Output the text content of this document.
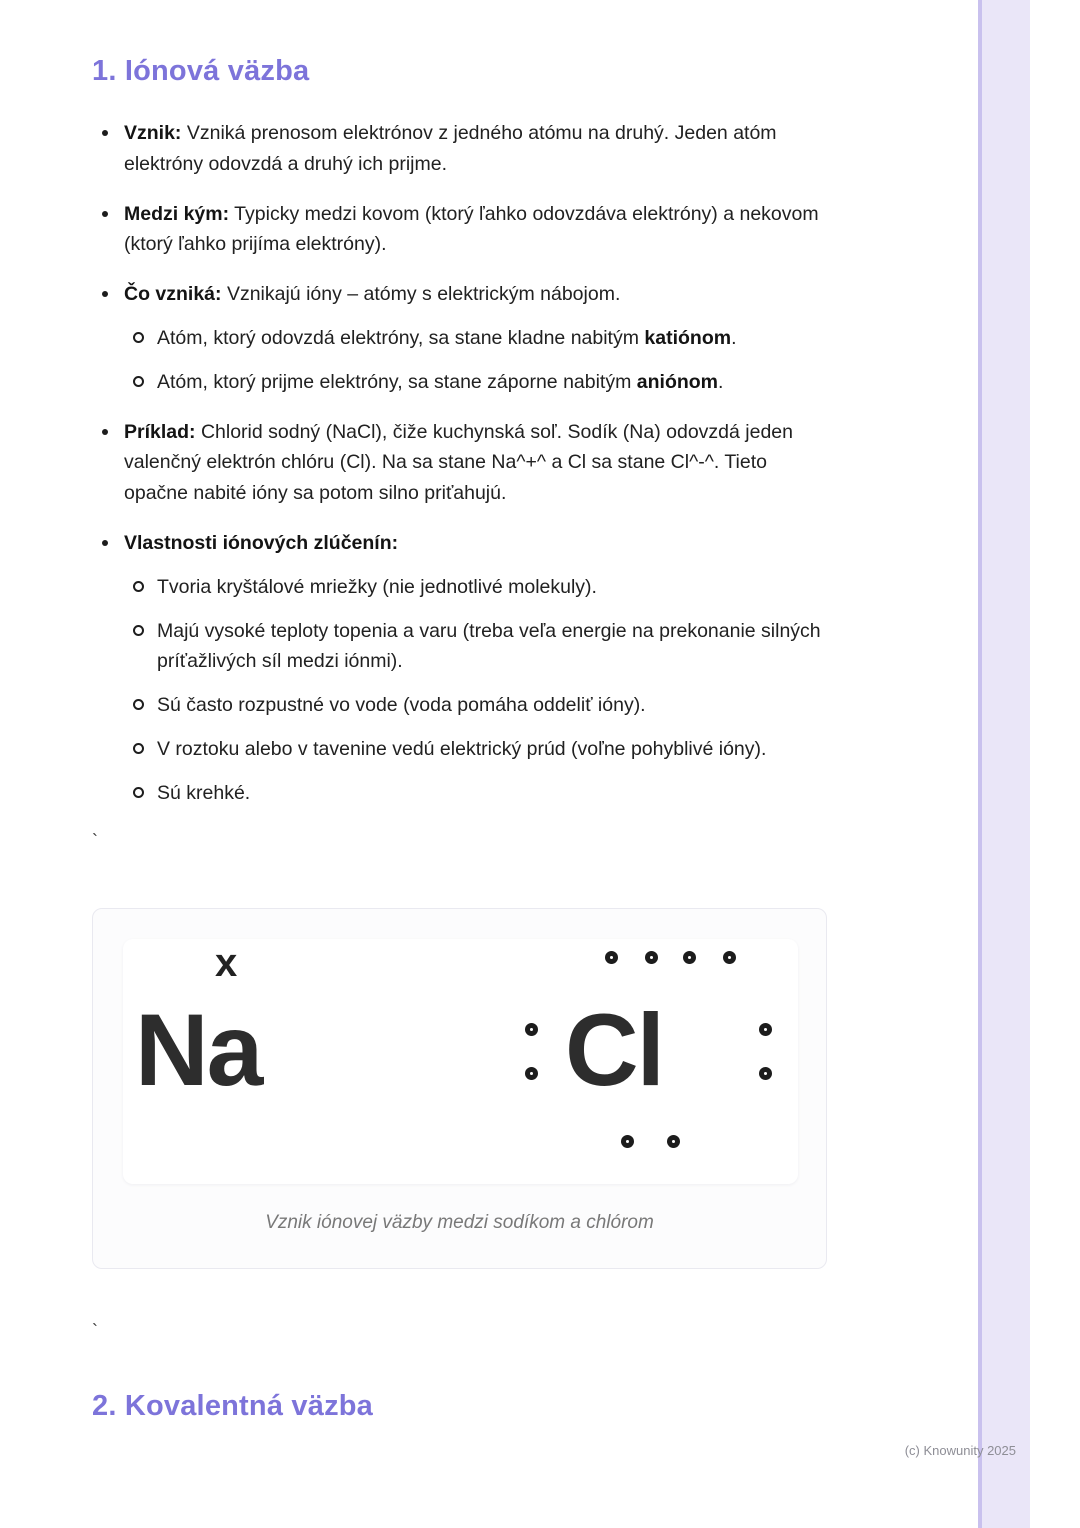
1. Iónová väzba
Vznik: Vzniká prenosom elektrónov z jedného atómu na druhý. Jeden atóm elektróny odovzdá a druhý ich prijme.
Medzi kým: Typicky medzi kovom (ktorý ľahko odovzdáva elektróny) a nekovom (ktorý ľahko prijíma elektróny).
Čo vzniká: Vznikajú ióny – atómy s elektrickým nábojom.
Atóm, ktorý odovzdá elektróny, sa stane kladne nabitým katiónom.
Atóm, ktorý prijme elektróny, sa stane záporne nabitým aniónom.
Príklad: Chlorid sodný (NaCl), čiže kuchynská soľ. Sodík (Na) odovzdá jeden valenčný elektrón chlóru (Cl). Na sa stane Na^+^ a Cl sa stane Cl^-^. Tieto opačne nabité ióny sa potom silno priťahujú.
Vlastnosti iónových zlúčenín:
Tvoria kryštálové mriežky (nie jednotlivé molekuly).
Majú vysoké teploty topenia a varu (treba veľa energie na prekonanie silných príťažlivých síl medzi iónmi).
Sú často rozpustné vo vode (voda pomáha oddeliť ióny).
V roztoku alebo v tavenine vedú elektrický prúd (voľne pohyblivé ióny).
Sú krehké.

`

x
Na	Cl
Vznik iónovej väzby medzi sodíkom a chlórom

`

2. Kovalentná väzba
(c) Knowunity 2025
